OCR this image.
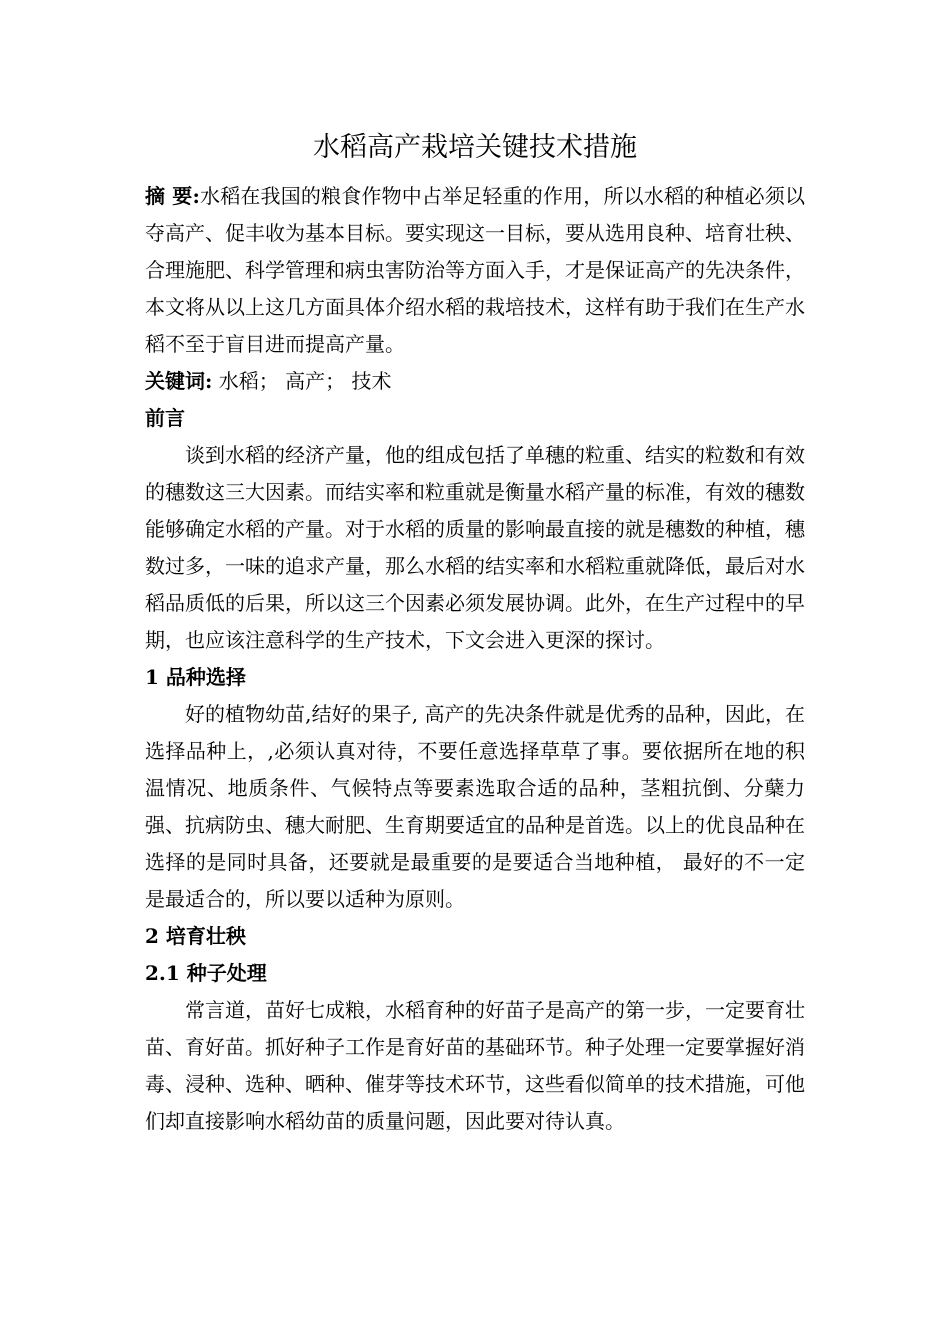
水稻高产栽培关键技术措施

摘 要:水稻在我国的粮食作物中占举足轻重的作用，所以水稻的种植必须以夺高产、促丰收为基本目标。要实现这一目标，要从选用良种、培育壮秧、合理施肥、科学管理和病虫害防治等方面入手，才是保证高产的先决条件，本文将从以上这几方面具体介绍水稻的栽培技术，这样有助于我们在生产水稻不至于盲目进而提高产量。

关键词: 水稻； 高产； 技术

前言

谈到水稻的经济产量，他的组成包括了单穗的粒重、结实的粒数和有效的穗数这三大因素。而结实率和粒重就是衡量水稻产量的标准，有效的穗数能够确定水稻的产量。对于水稻的质量的影响最直接的就是穗数的种植，穗数过多，一味的追求产量，那么水稻的结实率和水稻粒重就降低，最后对水稻品质低的后果，所以这三个因素必须发展协调。此外，在生产过程中的早期，也应该注意科学的生产技术，下文会进入更深的探讨。

1 品种选择

好的植物幼苗,结好的果子, 高产的先决条件就是优秀的品种，因此，在选择品种上，,必须认真对待，不要任意选择草草了事。要依据所在地的积温情况、地质条件、气候特点等要素选取合适的品种，茎粗抗倒、分蘖力强、抗病防虫、穗大耐肥、生育期要适宜的品种是首选。以上的优良品种在选择的是同时具备，还要就是最重要的是要适合当地种植， 最好的不一定是最适合的，所以要以适种为原则。

2 培育壮秧

2.1 种子处理

常言道，苗好七成粮，水稻育种的好苗子是高产的第一步，一定要育壮苗、育好苗。抓好种子工作是育好苗的基础环节。种子处理一定要掌握好消毒、浸种、选种、晒种、催芽等技术环节，这些看似简单的技术措施，可他们却直接影响水稻幼苗的质量问题，因此要对待认真。
